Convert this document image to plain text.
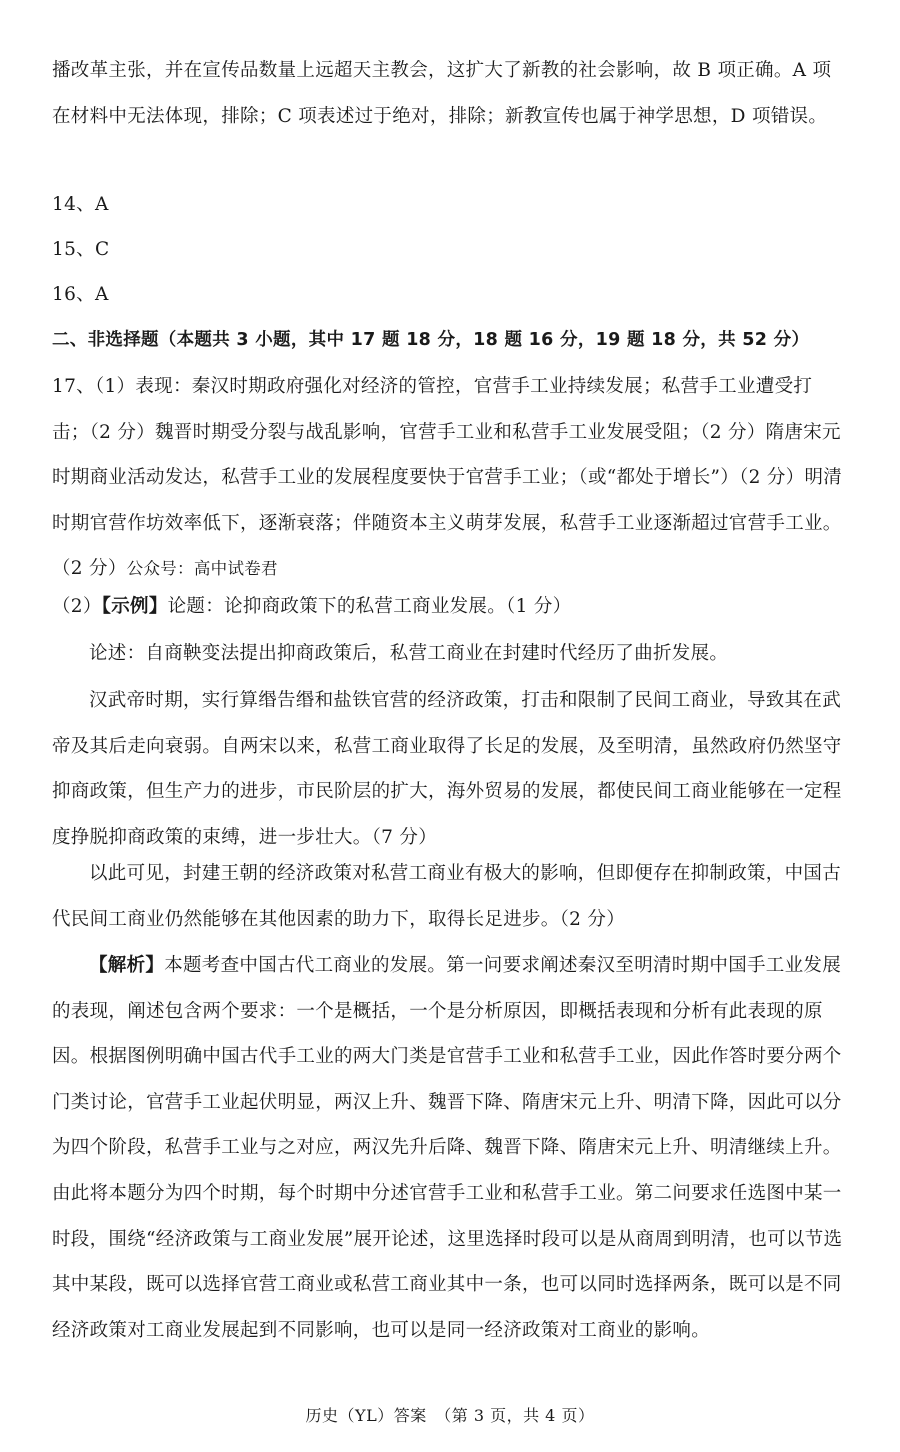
播改革主张，并在宣传品数量上远超天主教会，这扩大了新教的社会影响，故 B 项正确。A 项在材料中无法体现，排除；C 项表述过于绝对，排除；新教宣传也属于神学思想，D 项错误。
14、A
15、C
16、A
二、非选择题（本题共 3 小题，其中 17 题 18 分，18 题 16 分，19 题 18 分，共 52 分）
17、（1）表现：秦汉时期政府强化对经济的管控，官营手工业持续发展；私营手工业遭受打击；（2 分）魏晋时期受分裂与战乱影响，官营手工业和私营手工业发展受阻；（2 分）隋唐宋元时期商业活动发达，私营手工业的发展程度要快于官营手工业；（或“都处于增长”）（2 分）明清时期官营作坊效率低下，逐渐衰落；伴随资本主义萌芽发展，私营手工业逐渐超过官营手工业。（2 分）公众号：高中试卷君
（2）【示例】论题：论抑商政策下的私营工商业发展。（1 分）
论述：自商鞅变法提出抑商政策后，私营工商业在封建时代经历了曲折发展。
汉武帝时期，实行算缗告缗和盐铁官营的经济政策，打击和限制了民间工商业，导致其在武帝及其后走向衰弱。自两宋以来，私营工商业取得了长足的发展，及至明清，虽然政府仍然坚守抑商政策，但生产力的进步，市民阶层的扩大，海外贸易的发展，都使民间工商业能够在一定程度挣脱抑商政策的束缚，进一步壮大。（7 分）
以此可见，封建王朝的经济政策对私营工商业有极大的影响，但即便存在抑制政策，中国古代民间工商业仍然能够在其他因素的助力下，取得长足进步。（2 分）
【解析】本题考查中国古代工商业的发展。第一问要求阐述秦汉至明清时期中国手工业发展的表现，阐述包含两个要求：一个是概括，一个是分析原因，即概括表现和分析有此表现的原因。根据图例明确中国古代手工业的两大门类是官营手工业和私营手工业，因此作答时要分两个门类讨论，官营手工业起伏明显，两汉上升、魏晋下降、隋唐宋元上升、明清下降，因此可以分为四个阶段，私营手工业与之对应，两汉先升后降、魏晋下降、隋唐宋元上升、明清继续上升。由此将本题分为四个时期，每个时期中分述官营手工业和私营手工业。第二问要求任选图中某一时段，围绕“经济政策与工商业发展”展开论述，这里选择时段可以是从商周到明清，也可以节选其中某段，既可以选择官营工商业或私营工商业其中一条，也可以同时选择两条，既可以是不同经济政策对工商业发展起到不同影响，也可以是同一经济政策对工商业的影响。
历史（YL）答案　（第 3 页，共 4 页）
